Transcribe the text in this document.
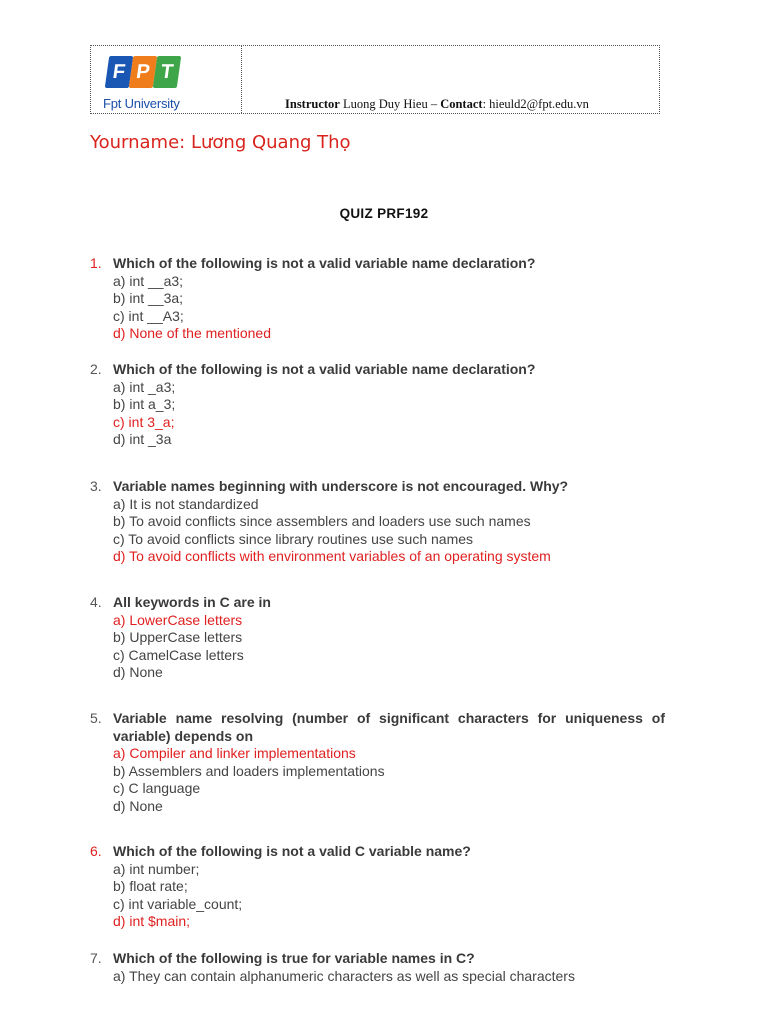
F P T
Fpt University	Instructor Luong Duy Hieu – Contact: hieuld2@fpt.edu.vn
Yourname: Lương Quang Thọ
QUIZ PRF192
1. Which of the following is not a valid variable name declaration?
a) int __a3;
b) int __3a;
c) int __A3;
d) None of the mentioned
2. Which of the following is not a valid variable name declaration?
a) int _a3;
b) int a_3;
c) int 3_a;
d) int _3a
3. Variable names beginning with underscore is not encouraged. Why?
a) It is not standardized
b) To avoid conflicts since assemblers and loaders use such names
c) To avoid conflicts since library routines use such names
d) To avoid conflicts with environment variables of an operating system
4. All keywords in C are in
a) LowerCase letters
b) UpperCase letters
c) CamelCase letters
d) None
5. Variable name resolving (number of significant characters for uniqueness of variable) depends on
a) Compiler and linker implementations
b) Assemblers and loaders implementations
c) C language
d) None
6. Which of the following is not a valid C variable name?
a) int number;
b) float rate;
c) int variable_count;
d) int $main;
7. Which of the following is true for variable names in C?
a) They can contain alphanumeric characters as well as special characters
